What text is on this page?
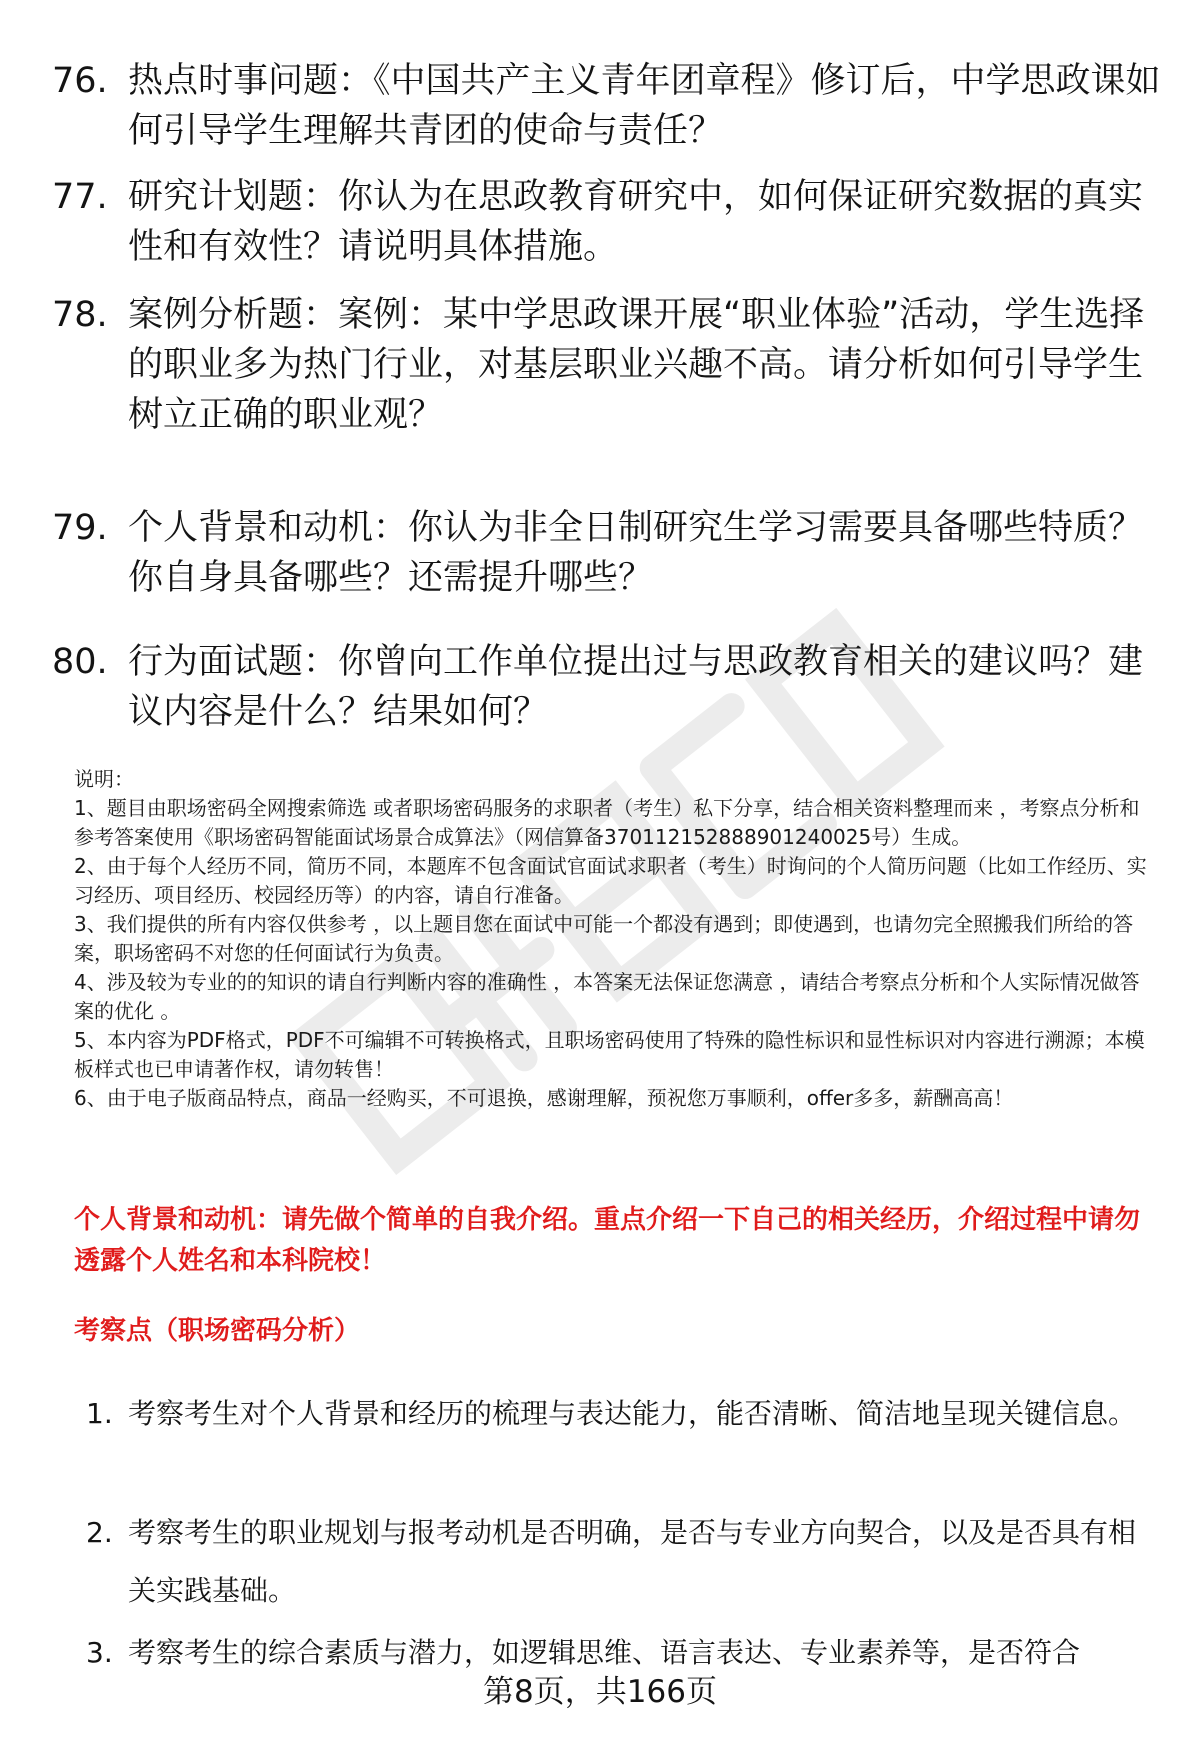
76. 热点时事问题：《中国共产主义青年团章程》修订后，中学思政课如何引导学生理解共青团的使命与责任？
77. 研究计划题：你认为在思政教育研究中，如何保证研究数据的真实性和有效性？请说明具体措施。
78. 案例分析题：案例：某中学思政课开展“职业体验”活动，学生选择的职业多为热门行业，对基层职业兴趣不高。请分析如何引导学生树立正确的职业观？
79. 个人背景和动机：你认为非全日制研究生学习需要具备哪些特质？你自身具备哪些？还需提升哪些？
80. 行为面试题：你曾向工作单位提出过与思政教育相关的建议吗？建议内容是什么？结果如何？

说明：

1、题目由职场密码全网搜索筛选 或者职场密码服务的求职者（考生）私下分享，结合相关资料整理而来 ，考察点分析和参考答案使用《职场密码智能面试场景合成算法》（网信算备370112152888901240025号）生成。

2、由于每个人经历不同，简历不同，本题库不包含面试官面试求职者（考生）时询问的个人简历问题（比如工作经历、实习经历、项目经历、校园经历等）的内容，请自行准备。

3、我们提供的所有内容仅供参考 ，以上题目您在面试中可能一个都没有遇到；即使遇到，也请勿完全照搬我们所给的答案，职场密码不对您的任何面试行为负责。

4、涉及较为专业的的知识的请自行判断内容的准确性 ，本答案无法保证您满意 ，请结合考察点分析和个人实际情况做答案的优化 。

5、本内容为PDF格式，PDF不可编辑不可转换格式，且职场密码使用了特殊的隐性标识和显性标识对内容进行溯源；本模板样式也已申请著作权，请勿转售！

6、由于电子版商品特点，商品一经购买，不可退换，感谢理解，预祝您万事顺利，offer多多，薪酬高高！

个人背景和动机：请先做个简单的自我介绍。重点介绍一下自己的相关经历，介绍过程中请勿透露个人姓名和本科院校！
考察点（职场密码分析）
1. 考察考生对个人背景和经历的梳理与表达能力，能否清晰、简洁地呈现关键信息。
2. 考察考生的职业规划与报考动机是否明确，是否与专业方向契合，以及是否具有相关实践基础。
3. 考察考生的综合素质与潜力，如逻辑思维、语言表达、专业素养等，是否符合
第8页，共166页
